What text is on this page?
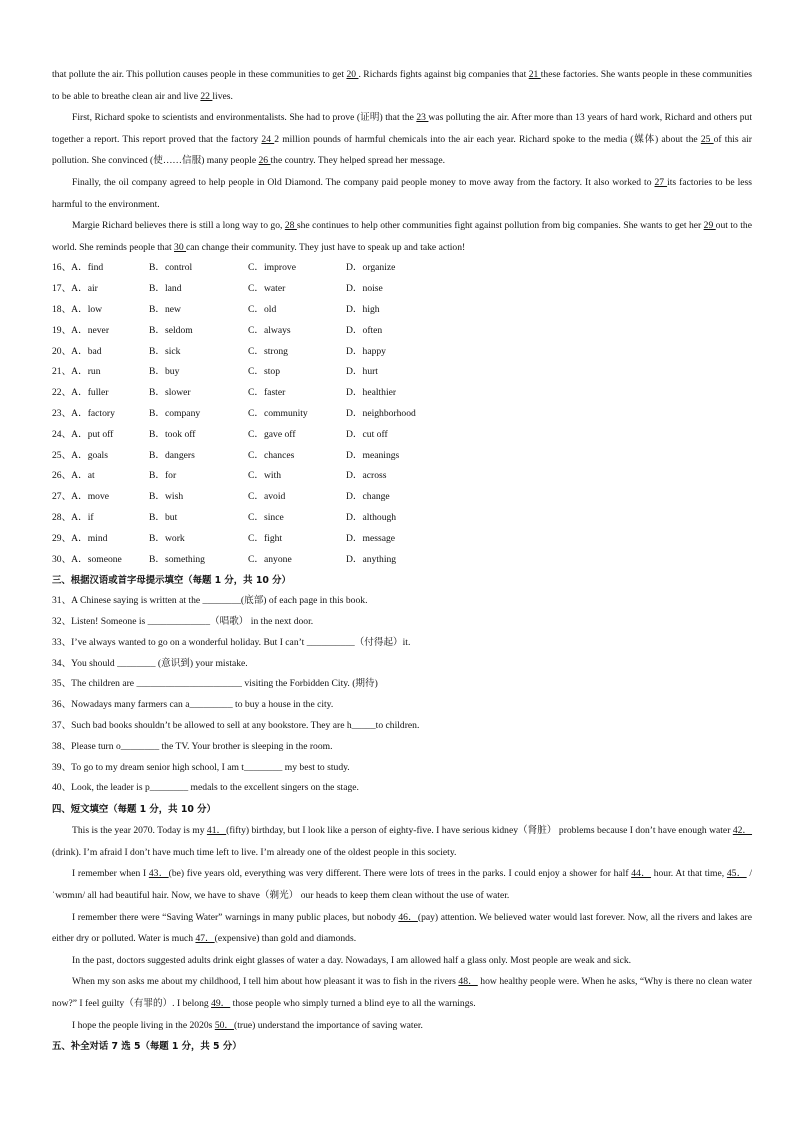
that pollute the air. This pollution causes people in these communities to get 20 . Richards fights against big companies that 21 these factories. She wants people in these communities to be able to breathe clean air and live 22 lives.

First, Richard spoke to scientists and environmentalists. She had to prove (证明) that the 23 was polluting the air. After more than 13 years of hard work, Richard and others put together a report. This report proved that the factory 24 2 million pounds of harmful chemicals into the air each year. Richard spoke to the media (媒体) about the 25 of this air pollution. She convinced (使……信服) many people 26 the country. They helped spread her message.

Finally, the oil company agreed to help people in Old Diamond. The company paid people money to move away from the factory. It also worked to 27 its factories to be less harmful to the environment.

Margie Richard believes there is still a long way to go, 28 she continues to help other communities fight against pollution from big companies. She wants to get her 29 out to the world. She reminds people that 30 can change their community. They just have to speak up and take action!

16、A．find	B．control	C．improve	D．organize
17、A．air	B．land	C．water	D．noise
18、A．low	B．new	C．old	D．high
19、A．never	B．seldom	C．always	D．often
20、A．bad	B．sick	C．strong	D．happy
21、A．run	B．buy	C．stop	D．hurt
22、A．fuller	B．slower	C．faster	D．healthier
23、A．factory	B．company	C．community	D．neighborhood
24、A．put off	B．took off	C．gave off	D．cut off
25、A．goals	B．dangers	C．chances	D．meanings
26、A．at	B．for	C．with	D．across
27、A．move	B．wish	C．avoid	D．change
28、A．if	B．but	C．since	D．although
29、A．mind	B．work	C．fight	D．message
30、A．someone	B．something	C．anyone	D．anything
三、根据汉语或首字母提示填空（每题 1 分，共 10 分）
31、A Chinese saying is written at the ________(底部) of each page in this book.
32、Listen! Someone is _____________（唱歌） in the next door.
33、I’ve always wanted to go on a wonderful holiday. But I can’t __________（付得起）it.
34、You should ________ (意识到) your mistake.
35、The children are ______________________ visiting the Forbidden City. (期待)
36、Nowadays many farmers can a_________ to buy a house in the city.
37、Such bad books shouldn’t be allowed to sell at any bookstore. They are h_____to children.
38、Please turn o________ the TV. Your brother is sleeping in the room.
39、To go to my dream senior high school, I am t________ my best to study.
40、Look, the leader is p________ medals to the excellent singers on the stage.
四、短文填空（每题 1 分，共 10 分）

This is the year 2070. Today is my 41．(fifty) birthday, but I look like a person of eighty-five. I have serious kidney（肾脏） problems because I don’t have enough water 42．(drink). I’m afraid I don’t have much time left to live. I’m already one of the oldest people in this society.

I remember when I 43．(be) five years old, everything was very different. There were lots of trees in the parks. I could enjoy a shower for half 44． hour. At that time, 45． /ˈwʊmɪn/ all had beautiful hair. Now, we have to shave（剃光） our heads to keep them clean without the use of water.

I remember there were “Saving Water” warnings in many public places, but nobody 46．(pay) attention. We believed water would last forever. Now, all the rivers and lakes are either dry or polluted. Water is much 47．(expensive) than gold and diamonds.

In the past, doctors suggested adults drink eight glasses of water a day. Nowadays, I am allowed half a glass only. Most people are weak and sick.

When my son asks me about my childhood, I tell him about how pleasant it was to fish in the rivers 48． how healthy people were. When he asks, “Why is there no clean water now?” I feel guilty（有罪的）. I belong 49． those people who simply turned a blind eye to all the warnings.

I hope the people living in the 2020s 50．(true) understand the importance of saving water.

五、补全对话 7 选 5（每题 1 分，共 5 分）
